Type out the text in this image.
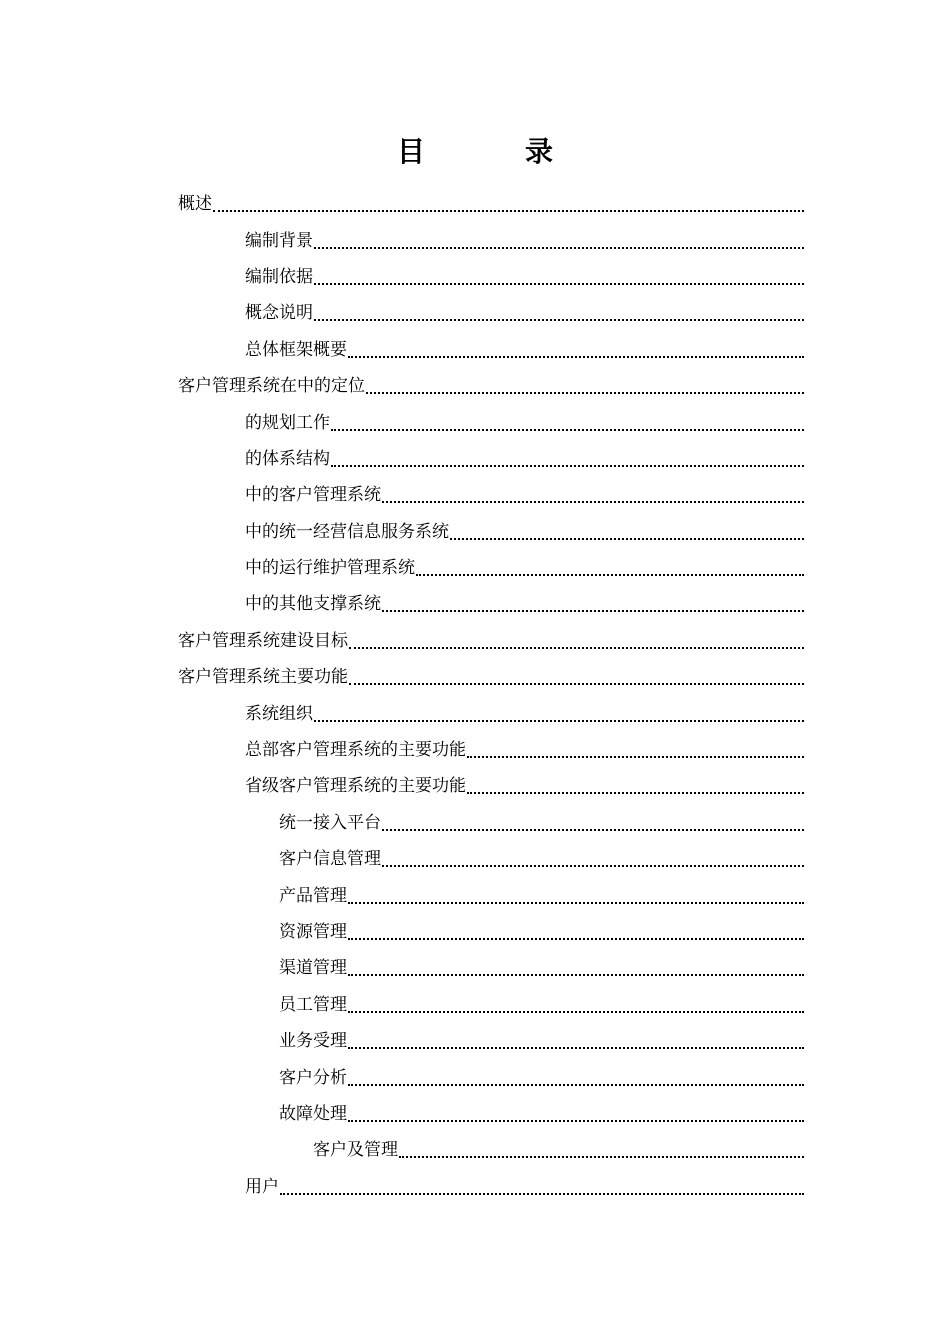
目　录
概述
编制背景
编制依据
概念说明
总体框架概要
客户管理系统在中的定位
的规划工作
的体系结构
中的客户管理系统
中的统一经营信息服务系统
中的运行维护管理系统
中的其他支撑系统
客户管理系统建设目标
客户管理系统主要功能
系统组织
总部客户管理系统的主要功能
省级客户管理系统的主要功能
统一接入平台
客户信息管理
产品管理
资源管理
渠道管理
员工管理
业务受理
客户分析
故障处理
客户及管理
用户
